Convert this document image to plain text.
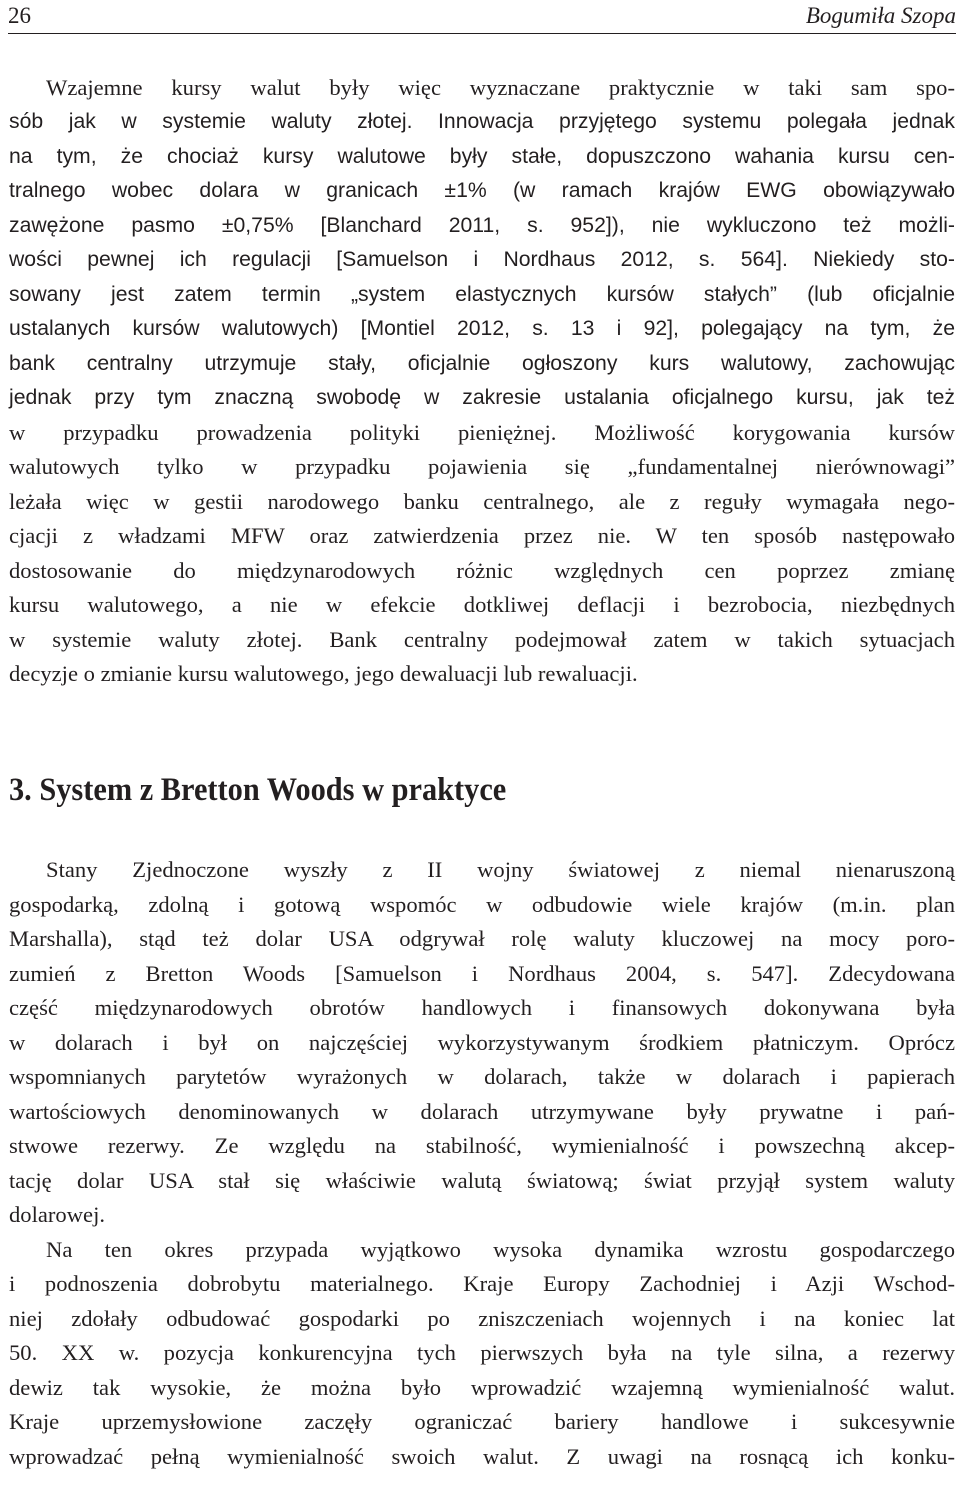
26	Bogumiła Szopa
Wzajemne kursy walut były więc wyznaczane praktycznie w taki sam spo-
sób jak w systemie waluty złotej. Innowacja przyjętego systemu polegała jednak
na tym, że chociaż kursy walutowe były stałe, dopuszczono wahania kursu cen-
tralnego wobec dolara w granicach ±1% (w ramach krajów EWG obowiązywało
zawężone pasmo ±0,75% [Blanchard 2011, s. 952]), nie wykluczono też możli-
wości pewnej ich regulacji [Samuelson i Nordhaus 2012, s. 564]. Niekiedy sto-
sowany jest zatem termin „system elastycznych kursów stałych” (lub oficjalnie
ustalanych kursów walutowych) [Montiel 2012, s. 13 i 92], polegający na tym, że
bank centralny utrzymuje stały, oficjalnie ogłoszony kurs walutowy, zachowując
jednak przy tym znaczną swobodę w zakresie ustalania oficjalnego kursu, jak też
w przypadku prowadzenia polityki pieniężnej. Możliwość korygowania kursów
walutowych tylko w przypadku pojawienia się „fundamentalnej nierównowagi”
leżała więc w gestii narodowego banku centralnego, ale z reguły wymagała nego-
cjacji z władzami MFW oraz zatwierdzenia przez nie. W ten sposób następowało
dostosowanie do międzynarodowych różnic względnych cen poprzez zmianę
kursu walutowego, a nie w efekcie dotkliwej deflacji i bezrobocia, niezbędnych
w systemie waluty złotej. Bank centralny podejmował zatem w takich sytuacjach
decyzje o zmianie kursu walutowego, jego dewaluacji lub rewaluacji.
3. System z Bretton Woods w praktyce
Stany Zjednoczone wyszły z II wojny światowej z niemal nienaruszoną
gospodarką, zdolną i gotową wspomóc w odbudowie wiele krajów (m.in. plan
Marshalla), stąd też dolar USA odgrywał rolę waluty kluczowej na mocy poro-
zumień z Bretton Woods [Samuelson i Nordhaus 2004, s. 547]. Zdecydowana
część międzynarodowych obrotów handlowych i finansowych dokonywana była
w dolarach i był on najczęściej wykorzystywanym środkiem płatniczym. Oprócz
wspomnianych parytetów wyrażonych w dolarach, także w dolarach i papierach
wartościowych denominowanych w dolarach utrzymywane były prywatne i pań-
stwowe rezerwy. Ze względu na stabilność, wymienialność i powszechną akcep-
tację dolar USA stał się właściwie walutą światową; świat przyjął system waluty
dolarowej.
Na ten okres przypada wyjątkowo wysoka dynamika wzrostu gospodarczego
i podnoszenia dobrobytu materialnego. Kraje Europy Zachodniej i Azji Wschod-
niej zdołały odbudować gospodarki po zniszczeniach wojennych i na koniec lat
50. XX w. pozycja konkurencyjna tych pierwszych była na tyle silna, a rezerwy
dewiz tak wysokie, że można było wprowadzić wzajemną wymienialność walut.
Kraje uprzemysłowione zaczęły ograniczać bariery handlowe i sukcesywnie
wprowadzać pełną wymienialność swoich walut. Z uwagi na rosnącą ich konku-
